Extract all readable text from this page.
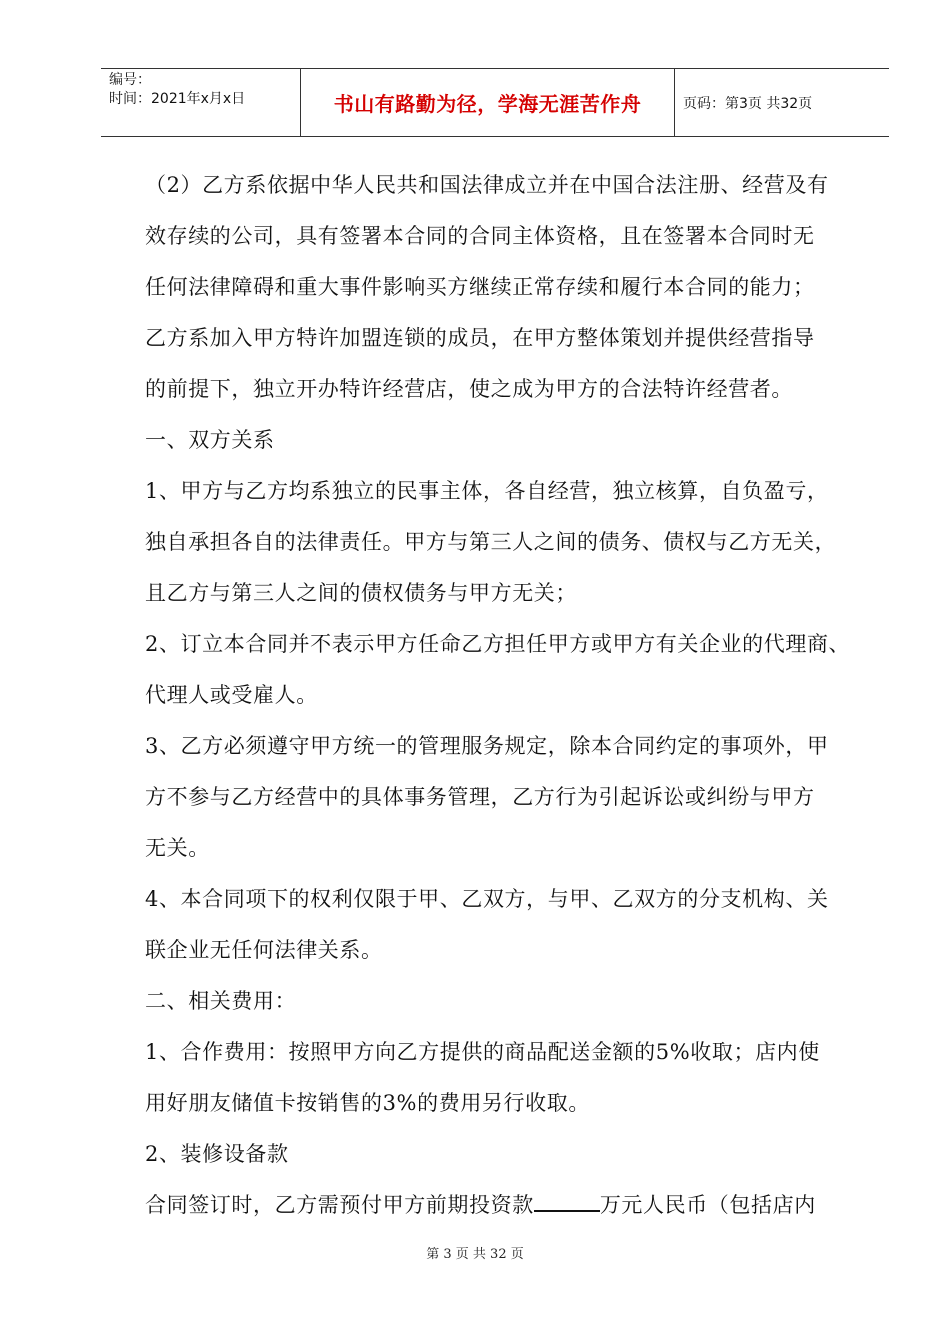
编号：
时间：2021年x月x日	书山有路勤为径，学海无涯苦作舟	页码：第3页 共32页
（2）乙方系依据中华人民共和国法律成立并在中国合法注册、经营及有
效存续的公司，具有签署本合同的合同主体资格，且在签署本合同时无
任何法律障碍和重大事件影响买方继续正常存续和履行本合同的能力；
乙方系加入甲方特许加盟连锁的成员，在甲方整体策划并提供经营指导
的前提下，独立开办特许经营店，使之成为甲方的合法特许经营者。
一、双方关系
1、甲方与乙方均系独立的民事主体，各自经营，独立核算，自负盈亏，
独自承担各自的法律责任。甲方与第三人之间的债务、债权与乙方无关，
且乙方与第三人之间的债权债务与甲方无关；
2、订立本合同并不表示甲方任命乙方担任甲方或甲方有关企业的代理商、
代理人或受雇人。
3、乙方必须遵守甲方统一的管理服务规定，除本合同约定的事项外，甲
方不参与乙方经营中的具体事务管理，乙方行为引起诉讼或纠纷与甲方
无关。
4、本合同项下的权利仅限于甲、乙双方，与甲、乙双方的分支机构、关
联企业无任何法律关系。
二、相关费用：
1、合作费用：按照甲方向乙方提供的商品配送金额的5%收取；店内使
用好朋友储值卡按销售的3%的费用另行收取。
2、装修设备款
合同签订时，乙方需预付甲方前期投资款	万元人民币（包括店内
第 3 页 共 32 页
